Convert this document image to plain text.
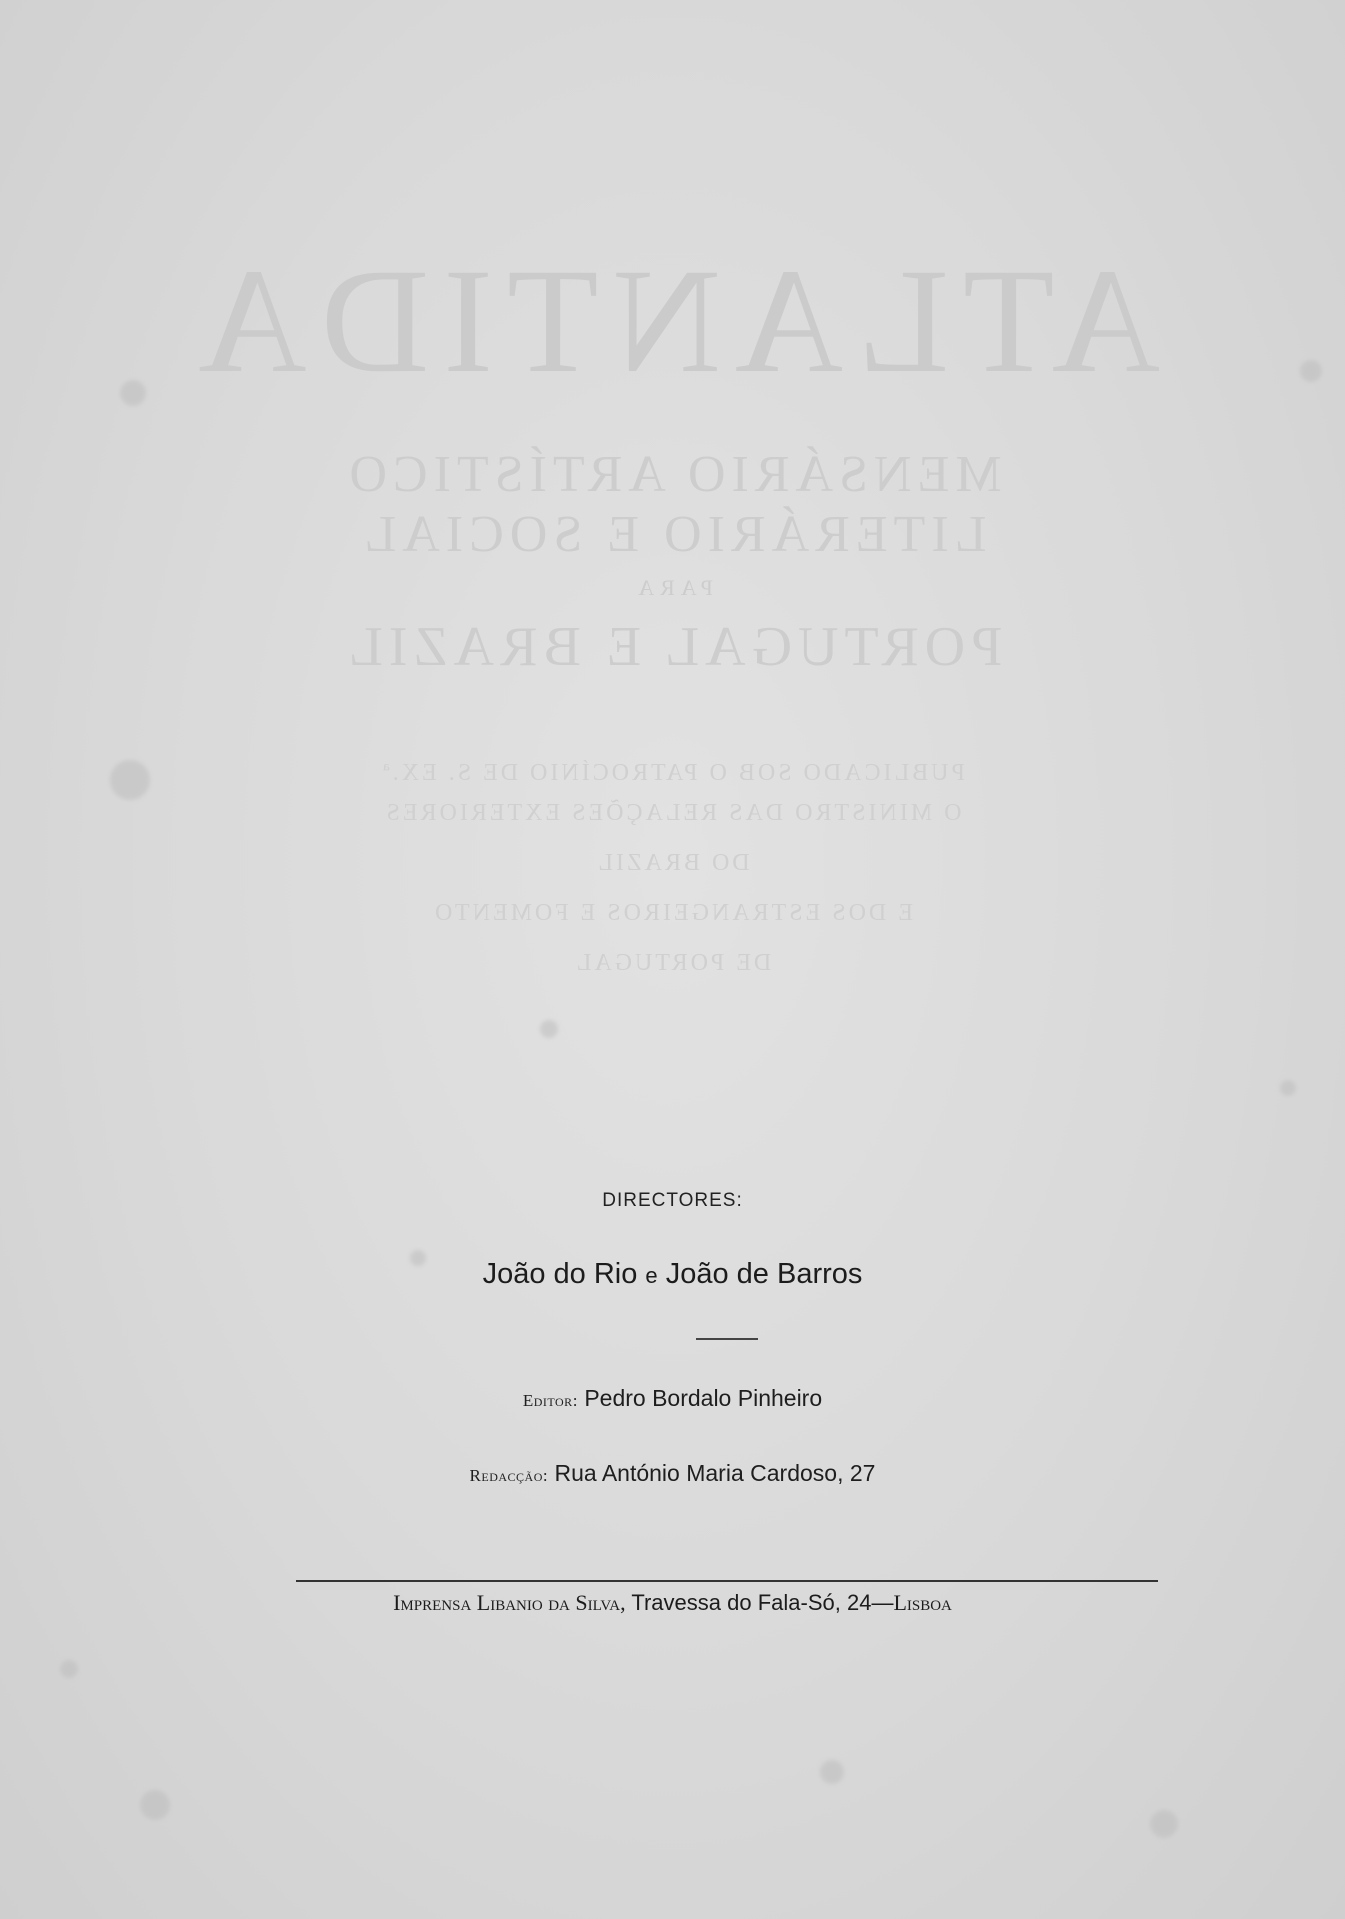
ATLANTIDA
MENSÁRIO ARTÍSTICO
LITERÁRIO E SOCIAL
PARA
PORTUGAL E BRAZIL
PUBLICADO SOB O PATROCÍNIO DE S. EX.ª
O MINISTRO DAS RELAÇÕES EXTERIORES
DO BRAZIL
E DOS ESTRANGEIROS E FOMENTO
DE PORTUGAL
DIRECTORES:
João do Rio e João de Barros
Editor: Pedro Bordalo Pinheiro
Redacção: Rua António Maria Cardoso, 27
Imprensa Libanio da Silva, Travessa do Fala-Só, 24—Lisboa
